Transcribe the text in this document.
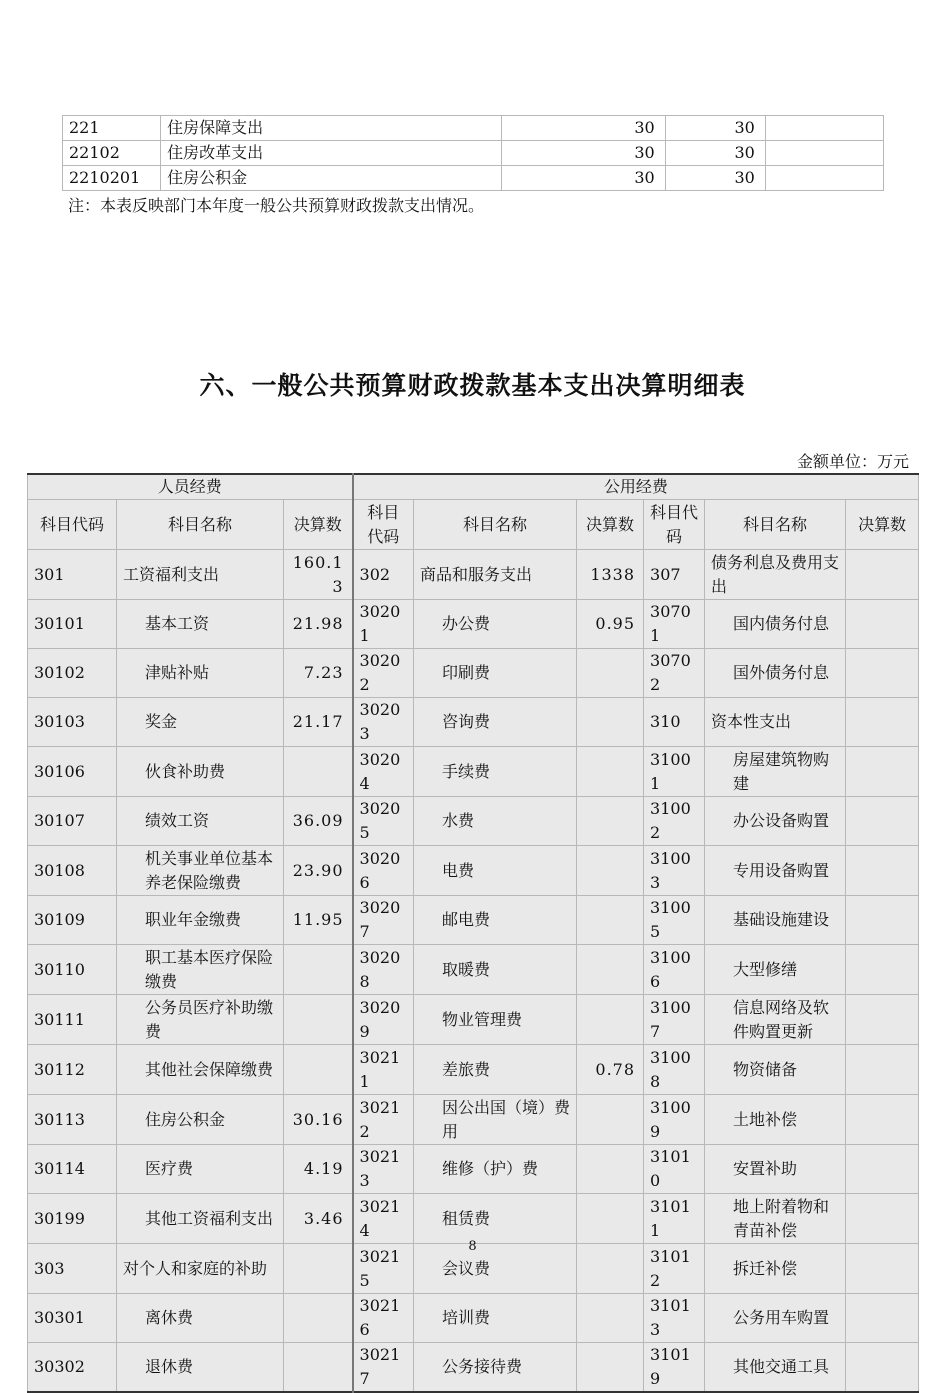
221	住房保障支出	30	30	
22102	住房改革支出	30	30	
2210201	住房公积金	30	30	
注：本表反映部门本年度一般公共预算财政拨款支出情况。
六、一般公共预算财政拨款基本支出决算明细表
金额单位：万元
人员经费			公用经费					
科目代码	科目名称	决算数	科目代码	科目名称	决算数	科目代码	科目名称	决算数
301	工资福利支出	160.13	302	商品和服务支出	1338	307	债务利息及费用支出	
30101	基本工资	21.98	30201	办公费	0.95	30701	国内债务付息	
30102	津贴补贴	7.23	30202	印刷费		30702	国外债务付息	
30103	奖金	21.17	30203	咨询费		310	资本性支出	
30106	伙食补助费		30204	手续费		31001	房屋建筑物购建	
30107	绩效工资	36.09	30205	水费		31002	办公设备购置	
30108	机关事业单位基本养老保险缴费	23.90	30206	电费		31003	专用设备购置	
30109	职业年金缴费	11.95	30207	邮电费		31005	基础设施建设	
30110	职工基本医疗保险缴费		30208	取暖费		31006	大型修缮	
30111	公务员医疗补助缴费		30209	物业管理费		31007	信息网络及软件购置更新	
30112	其他社会保障缴费		30211	差旅费	0.78	31008	物资储备	
30113	住房公积金	30.16	30212	因公出国（境）费用		31009	土地补偿	
30114	医疗费	4.19	30213	维修（护）费		31010	安置补助	
30199	其他工资福利支出	3.46	30214	租赁费		31011	地上附着物和青苗补偿	
303	对个人和家庭的补助		30215	会议费		31012	拆迁补偿	
30301	离休费		30216	培训费		31013	公务用车购置	
30302	退休费		30217	公务接待费		31019	其他交通工具	
8
